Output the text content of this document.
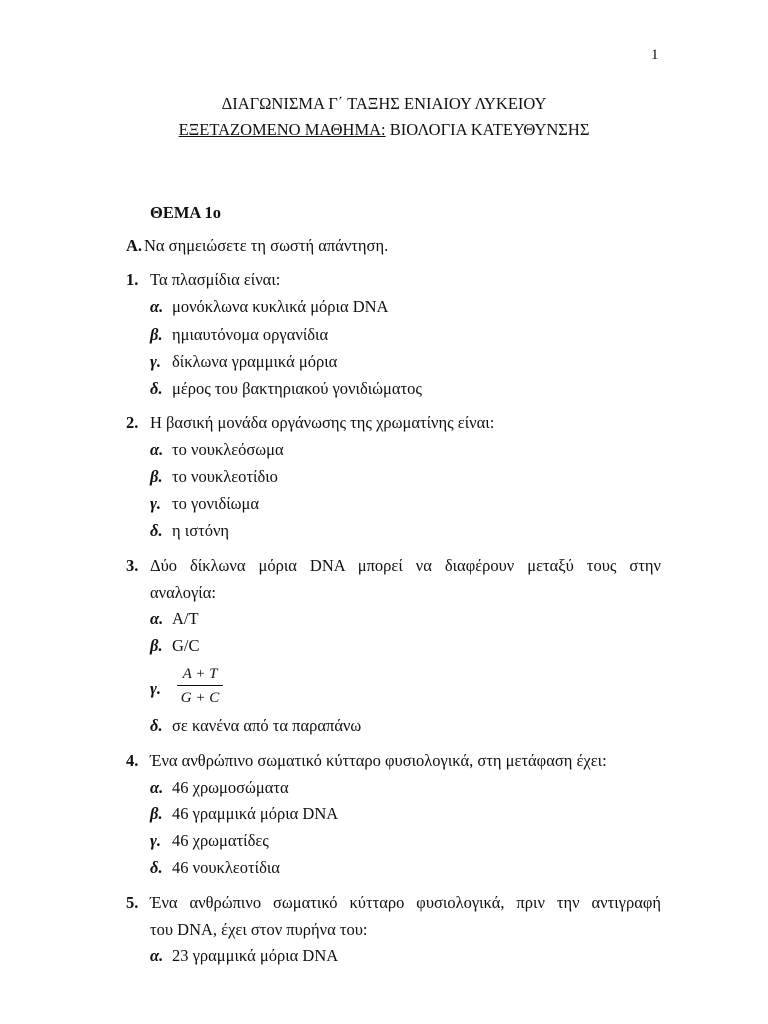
1
ΔΙΑΓΩΝΙΣΜΑ Γ΄ ΤΑΞΗΣ ΕΝΙΑΙΟΥ ΛΥΚΕΙΟΥ
ΕΞΕΤΑΖΟΜΕΝΟ ΜΑΘΗΜΑ: ΒΙΟΛΟΓΙΑ ΚΑΤΕΥΘΥΝΣΗΣ
ΘΕΜΑ 1ο
Α. Να σημειώσετε τη σωστή απάντηση.
1. Τα πλασμίδια είναι:
α. μονόκλωνα κυκλικά μόρια DNA
β. ημιαυτόνομα οργανίδια
γ. δίκλωνα γραμμικά μόρια
δ. μέρος του βακτηριακού γονιδιώματος
2. Η βασική μονάδα οργάνωσης της χρωματίνης είναι:
α. το νουκλεόσωμα
β. το νουκλεοτίδιο
γ. το γονιδίωμα
δ. η ιστόνη
3. Δύο δίκλωνα μόρια DNA μπορεί να διαφέρουν μεταξύ τους στην
αναλογία:
α. A/T
β. G/C
γ.
A + T
G + C
δ. σε κανένα από τα παραπάνω
4. Ένα ανθρώπινο σωματικό κύτταρο φυσιολογικά, στη μετάφαση έχει:
α. 46 χρωμοσώματα
β. 46 γραμμικά μόρια DNA
γ. 46 χρωματίδες
δ. 46 νουκλεοτίδια
5. Ένα ανθρώπινο σωματικό κύτταρο φυσιολογικά, πριν την αντιγραφή
του DNA, έχει στον πυρήνα του:
α. 23 γραμμικά μόρια DNA
